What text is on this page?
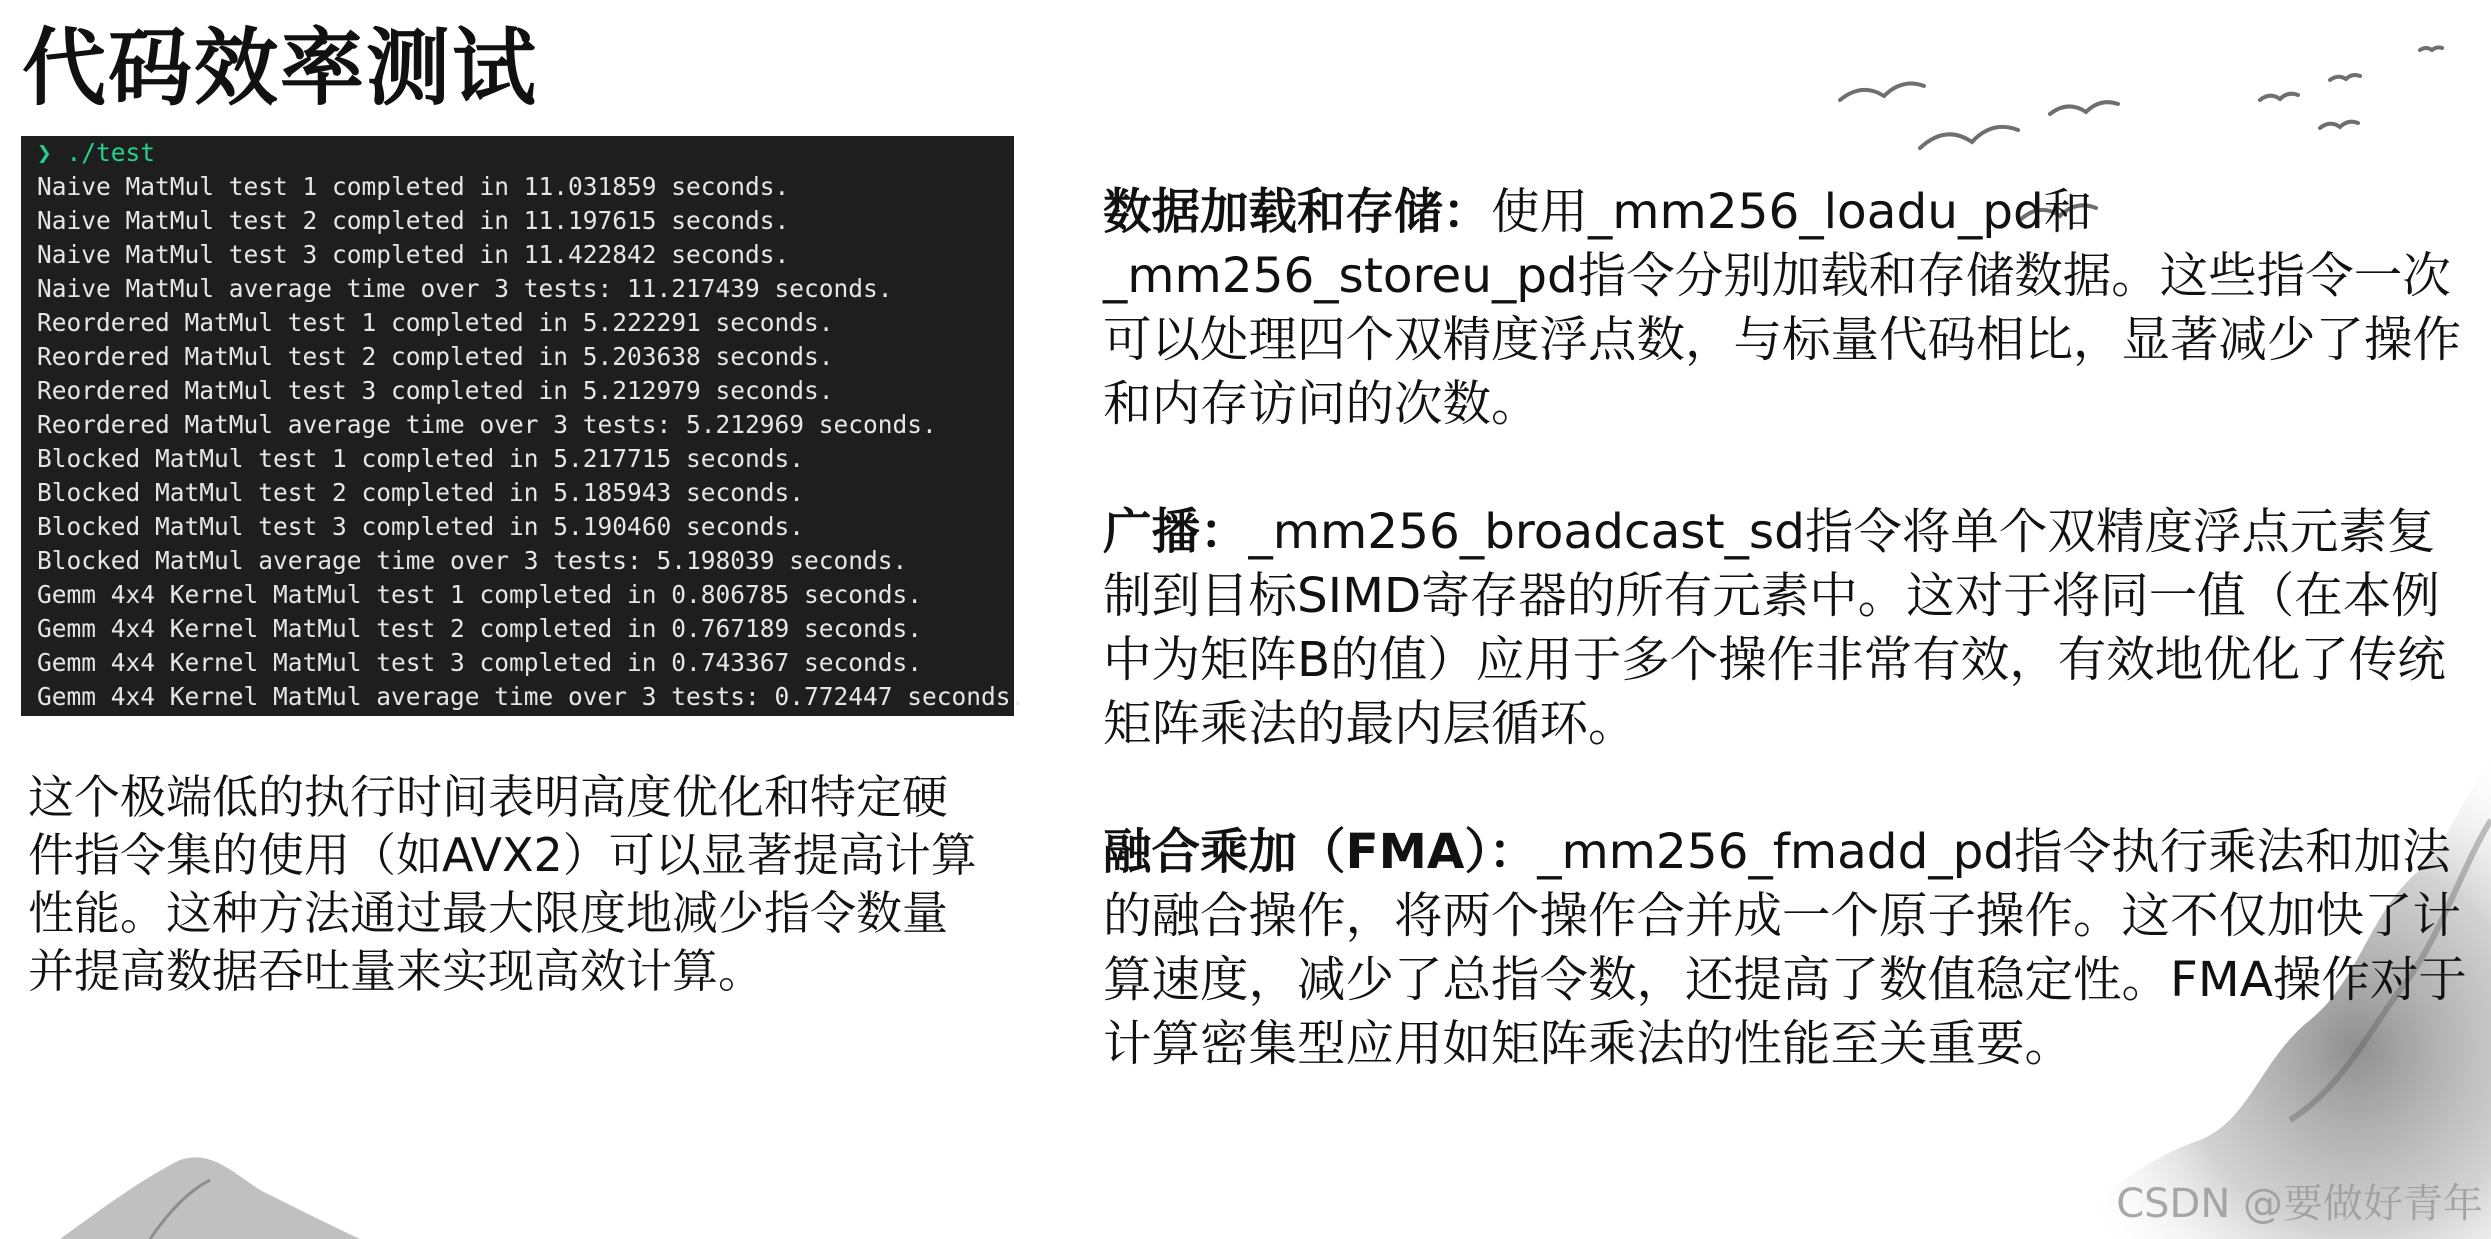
代码效率测试
❯ ./test
Naive MatMul test 1 completed in 11.031859 seconds.
Naive MatMul test 2 completed in 11.197615 seconds.
Naive MatMul test 3 completed in 11.422842 seconds.
Naive MatMul average time over 3 tests: 11.217439 seconds.
Reordered MatMul test 1 completed in 5.222291 seconds.
Reordered MatMul test 2 completed in 5.203638 seconds.
Reordered MatMul test 3 completed in 5.212979 seconds.
Reordered MatMul average time over 3 tests: 5.212969 seconds.
Blocked MatMul test 1 completed in 5.217715 seconds.
Blocked MatMul test 2 completed in 5.185943 seconds.
Blocked MatMul test 3 completed in 5.190460 seconds.
Blocked MatMul average time over 3 tests: 5.198039 seconds.
Gemm 4x4 Kernel MatMul test 1 completed in 0.806785 seconds.
Gemm 4x4 Kernel MatMul test 2 completed in 0.767189 seconds.
Gemm 4x4 Kernel MatMul test 3 completed in 0.743367 seconds.
Gemm 4x4 Kernel MatMul average time over 3 tests: 0.772447 seconds.
这个极端低的执行时间表明高度优化和特定硬件指令集的使用（如AVX2）可以显著提高计算性能。这种方法通过最大限度地减少指令数量并提高数据吞吐量来实现高效计算。
数据加载和存储：使用_mm256_loadu_pd和_mm256_storeu_pd指令分别加载和存储数据。这些指令一次可以处理四个双精度浮点数，与标量代码相比，显著减少了操作和内存访问的次数。
广播：_mm256_broadcast_sd指令将单个双精度浮点元素复制到目标SIMD寄存器的所有元素中。这对于将同一值（在本例中为矩阵B的值）应用于多个操作非常有效，有效地优化了传统矩阵乘法的最内层循环。
融合乘加（FMA）：_mm256_fmadd_pd指令执行乘法和加法的融合操作，将两个操作合并成一个原子操作。这不仅加快了计算速度，减少了总指令数，还提高了数值稳定性。FMA操作对于计算密集型应用如矩阵乘法的性能至关重要。
CSDN @要做好青年
